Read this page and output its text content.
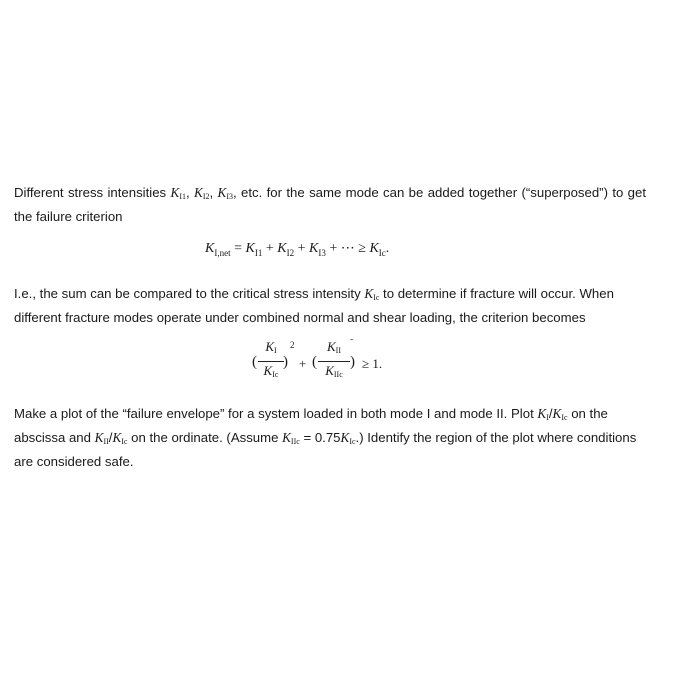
Different stress intensities KI1, KI2, KI3, etc. for the same mode can be added together (“superposed”) to get the failure criterion

$K_{I,net} = K_{I1} + K_{I2} + K_{I3}$ + ⋯ ≥ $K_{Ic}$.

I.e., the sum can be compared to the critical stress intensity KIc to determine if fracture will occur. When different fracture modes operate under combined normal and shear loading, the criterion becomes

(
KI
KIc
)
2
+ (
KII
KIIc
)
˜
≥ 1.

Make a plot of the “failure envelope” for a system loaded in both mode I and mode II. Plot KI/KIc on the abscissa and KII/KIc on the ordinate. (Assume KIIc = 0.75KIc.) Identify the region of the plot where conditions are considered safe.
